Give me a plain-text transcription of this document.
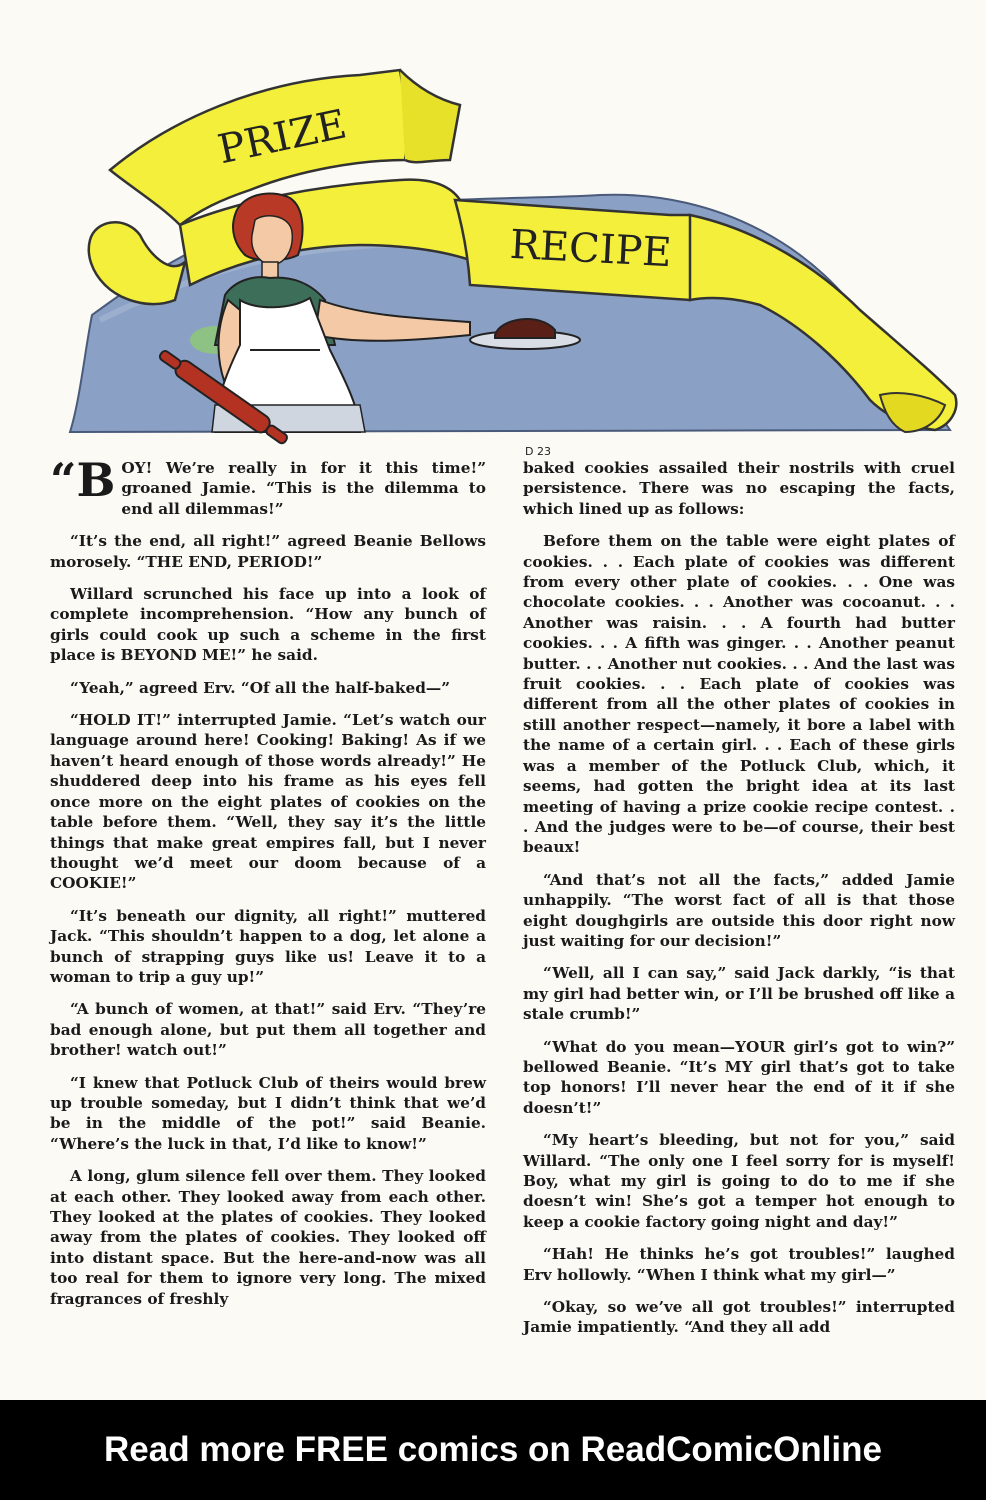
PRIZE
RECIPE
D 23

“BOY! We’re really in for it this time!” groaned Jamie. “This is the dilemma to end all dilemmas!”

“It’s the end, all right!” agreed Beanie Bellows morosely. “THE END, PERIOD!”

Willard scrunched his face up into a look of complete incomprehension. “How any bunch of girls could cook up such a scheme in the first place is BEYOND ME!” he said.

“Yeah,” agreed Erv. “Of all the half-baked—”

“HOLD IT!” interrupted Jamie. “Let’s watch our language around here! Cooking! Baking! As if we haven’t heard enough of those words already!” He shuddered deep into his frame as his eyes fell once more on the eight plates of cookies on the table before them. “Well, they say it’s the little things that make great empires fall, but I never thought we’d meet our doom because of a COOKIE!”

“It’s beneath our dignity, all right!” muttered Jack. “This shouldn’t happen to a dog, let alone a bunch of strapping guys like us! Leave it to a woman to trip a guy up!”

“A bunch of women, at that!” said Erv. “They’re bad enough alone, but put them all together and brother! watch out!”

“I knew that Potluck Club of theirs would brew up trouble someday, but I didn’t think that we’d be in the middle of the pot!” said Beanie. “Where’s the luck in that, I’d like to know!”

A long, glum silence fell over them. They looked at each other. They looked away from each other. They looked at the plates of cookies. They looked away from the plates of cookies. They looked off into distant space. But the here-and-now was all too real for them to ignore very long. The mixed fragrances of freshly

baked cookies assailed their nostrils with cruel persistence. There was no escaping the facts, which lined up as follows:

Before them on the table were eight plates of cookies. . . Each plate of cookies was different from every other plate of cookies. . . One was chocolate cookies. . . Another was cocoanut. . . Another was raisin. . . A fourth had butter cookies. . . A fifth was ginger. . . Another peanut butter. . . Another nut cookies. . . And the last was fruit cookies. . . Each plate of cookies was different from all the other plates of cookies in still another respect—namely, it bore a label with the name of a certain girl. . . Each of these girls was a member of the Potluck Club, which, it seems, had gotten the bright idea at its last meeting of having a prize cookie recipe contest. . . And the judges were to be—of course, their best beaux!

“And that’s not all the facts,” added Jamie unhappily. “The worst fact of all is that those eight doughgirls are outside this door right now just waiting for our decision!”

“Well, all I can say,” said Jack darkly, “is that my girl had better win, or I’ll be brushed off like a stale crumb!”

“What do you mean—YOUR girl’s got to win?” bellowed Beanie. “It’s MY girl that’s got to take top honors! I’ll never hear the end of it if she doesn’t!”

“My heart’s bleeding, but not for you,” said Willard. “The only one I feel sorry for is myself! Boy, what my girl is going to do to me if she doesn’t win! She’s got a temper hot enough to keep a cookie factory going night and day!”

“Hah! He thinks he’s got troubles!” laughed Erv hollowly. “When I think what my girl—”

“Okay, so we’ve all got troubles!” interrupted Jamie impatiently. “And they all add

Read more FREE comics on ReadComicOnline
